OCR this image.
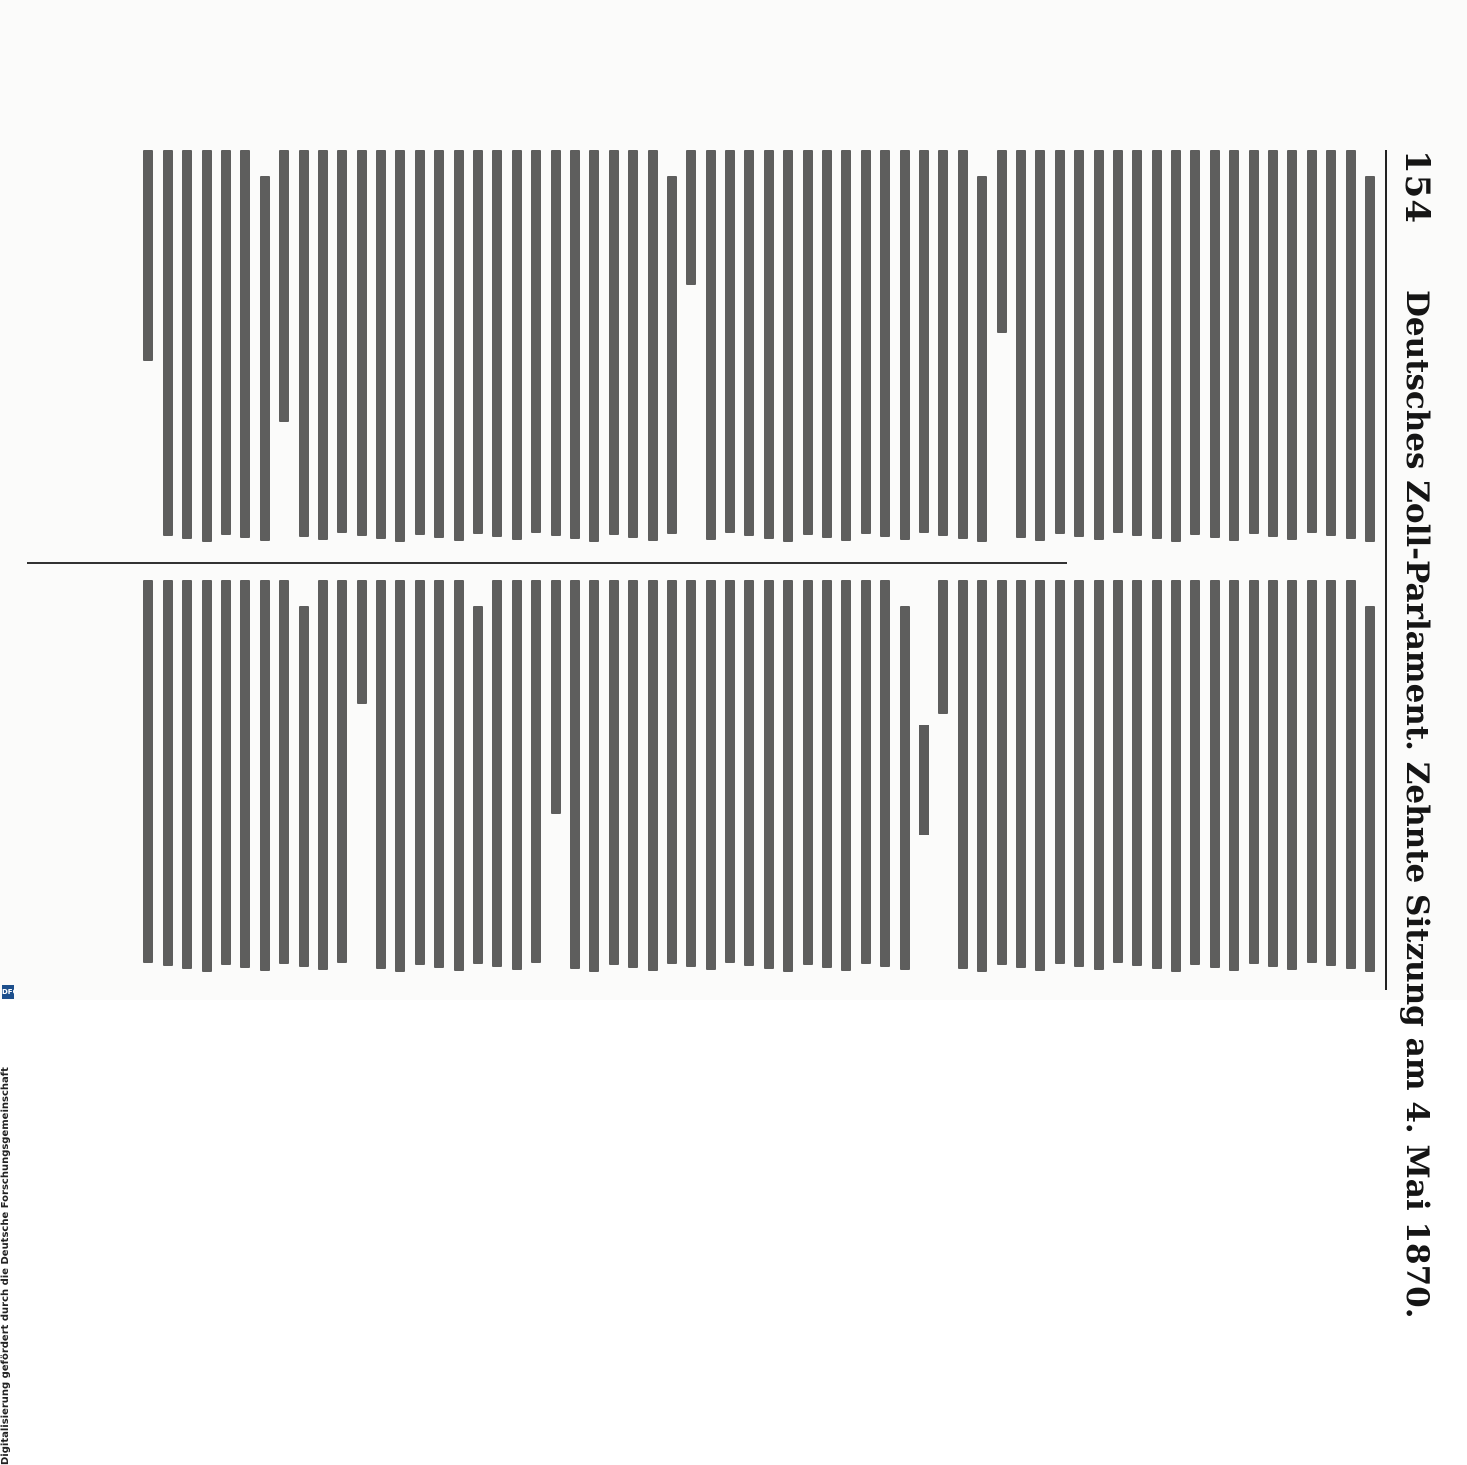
154
Deutsches Zoll-Parlament. Zehnte Sitzung am 4. Mai 1870.
Digitalisierung gefördert durch die Deutsche Forschungsgemeinschaft
DFG
